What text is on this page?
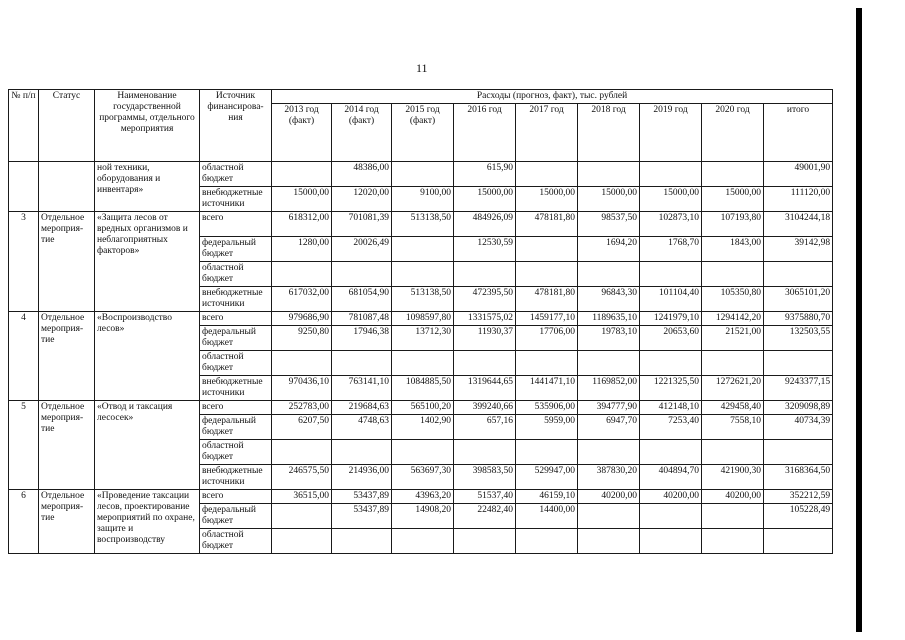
11
№ п/п	Статус	Наименование государственной программы, отдельного мероприятия	Источник финансирова-ния	Расходы (прогноз, факт), тыс. рублей								
				2013 год (факт)	2014 год (факт)	2015 год (факт)	2016 год	2017 год	2018 год	2019 год	2020 год	итого
		ной техники, оборудования и инвентаря»	областной бюджет		48386,00		615,90					49001,90
			внебюджетные источники	15000,00	12020,00	9100,00	15000,00	15000,00	15000,00	15000,00	15000,00	111120,00
3	Отдельное мероприя-тие	«Защита лесов от вредных организмов и неблагоприятных факторов»	всего	618312,00	701081,39	513138,50	484926,09	478181,80	98537,50	102873,10	107193,80	3104244,18
			федеральный бюджет	1280,00	20026,49		12530,59		1694,20	1768,70	1843,00	39142,98
			областной бюджет									
			внебюджетные источники	617032,00	681054,90	513138,50	472395,50	478181,80	96843,30	101104,40	105350,80	3065101,20
4	Отдельное мероприя-тие	«Воспроизводство лесов»	всего	979686,90	781087,48	1098597,80	1331575,02	1459177,10	1189635,10	1241979,10	1294142,20	9375880,70
			федеральный бюджет	9250,80	17946,38	13712,30	11930,37	17706,00	19783,10	20653,60	21521,00	132503,55
			областной бюджет									
			внебюджетные источники	970436,10	763141,10	1084885,50	1319644,65	1441471,10	1169852,00	1221325,50	1272621,20	9243377,15
5	Отдельное мероприя-тие	«Отвод и таксация лесосек»	всего	252783,00	219684,63	565100,20	399240,66	535906,00	394777,90	412148,10	429458,40	3209098,89
			федеральный бюджет	6207,50	4748,63	1402,90	657,16	5959,00	6947,70	7253,40	7558,10	40734,39
			областной бюджет									
			внебюджетные источники	246575,50	214936,00	563697,30	398583,50	529947,00	387830,20	404894,70	421900,30	3168364,50
6	Отдельное мероприя-тие	«Проведение таксации лесов, проектирование мероприятий по охране, защите и воспроизводству	всего	36515,00	53437,89	43963,20	51537,40	46159,10	40200,00	40200,00	40200,00	352212,59
			федеральный бюджет		53437,89	14908,20	22482,40	14400,00				105228,49
			областной бюджет									
